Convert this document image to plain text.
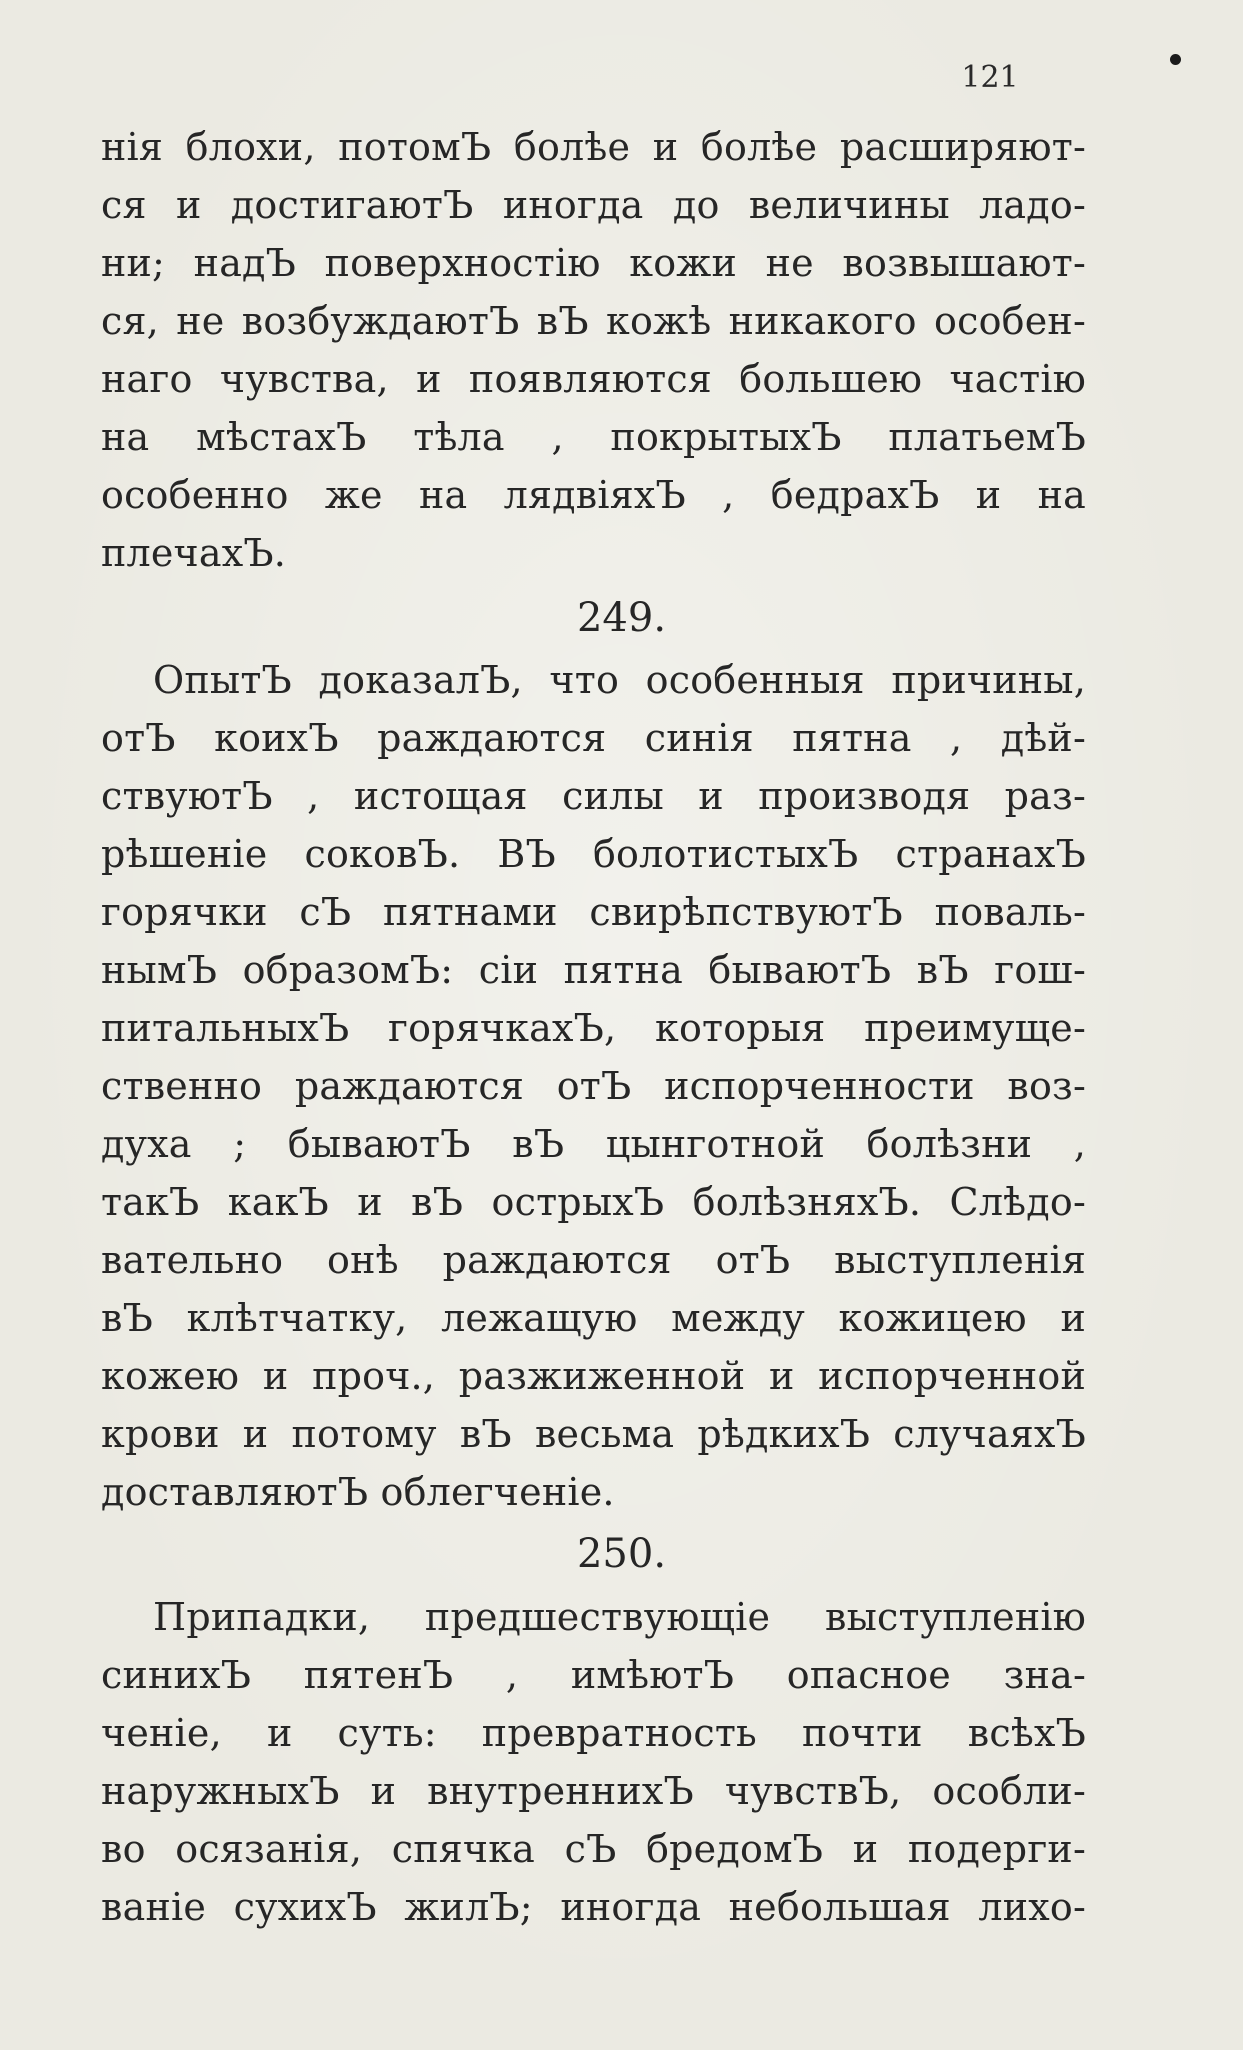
121
нія блохи, потомЪ болѣе и болѣе расширяют-
ся и достигаютЪ иногда до величины ладо-
ни; надЪ поверхностію кожи не возвышают-
ся, не возбуждаютЪ вЪ кожѣ никакого особен-
наго чувства, и появляются большею частію
на мѣстахЪ тѣла , покрытыхЪ платьемЪ
особенно же на лядвіяхЪ , бедрахЪ и на
плечахЪ.
249.
ОпытЪ доказалЪ, что особенныя причины,
отЪ коихЪ раждаются синія пятна , дѣй-
ствуютЪ , истощая силы и производя раз-
рѣшеніе соковЪ. ВЪ болотистыхЪ странахЪ
горячки сЪ пятнами свирѣпствуютЪ поваль-
нымЪ образомЪ: сіи пятна бываютЪ вЪ гош-
питальныхЪ горячкахЪ, которыя преимуще-
ственно раждаются отЪ испорченности воз-
духа ; бываютЪ вЪ цынготной болѣзни ,
такЪ какЪ и вЪ острыхЪ болѣзняхЪ. Слѣдо-
вательно онѣ раждаются отЪ выступленія
вЪ клѣтчатку, лежащую между кожицею и
кожею и проч., разжиженной и испорченной
крови и потому вЪ весьма рѣдкихЪ случаяхЪ
доставляютЪ облегченіе.
250.
Припадки, предшествующіе выступленію
синихЪ пятенЪ , имѣютЪ опасное зна-
ченіе, и суть: превратность почти всѣхЪ
наружныхЪ и внутреннихЪ чувствЪ, особли-
во осязанія, спячка сЪ бредомЪ и подерги-
ваніе сухихЪ жилЪ; иногда небольшая лихо-
